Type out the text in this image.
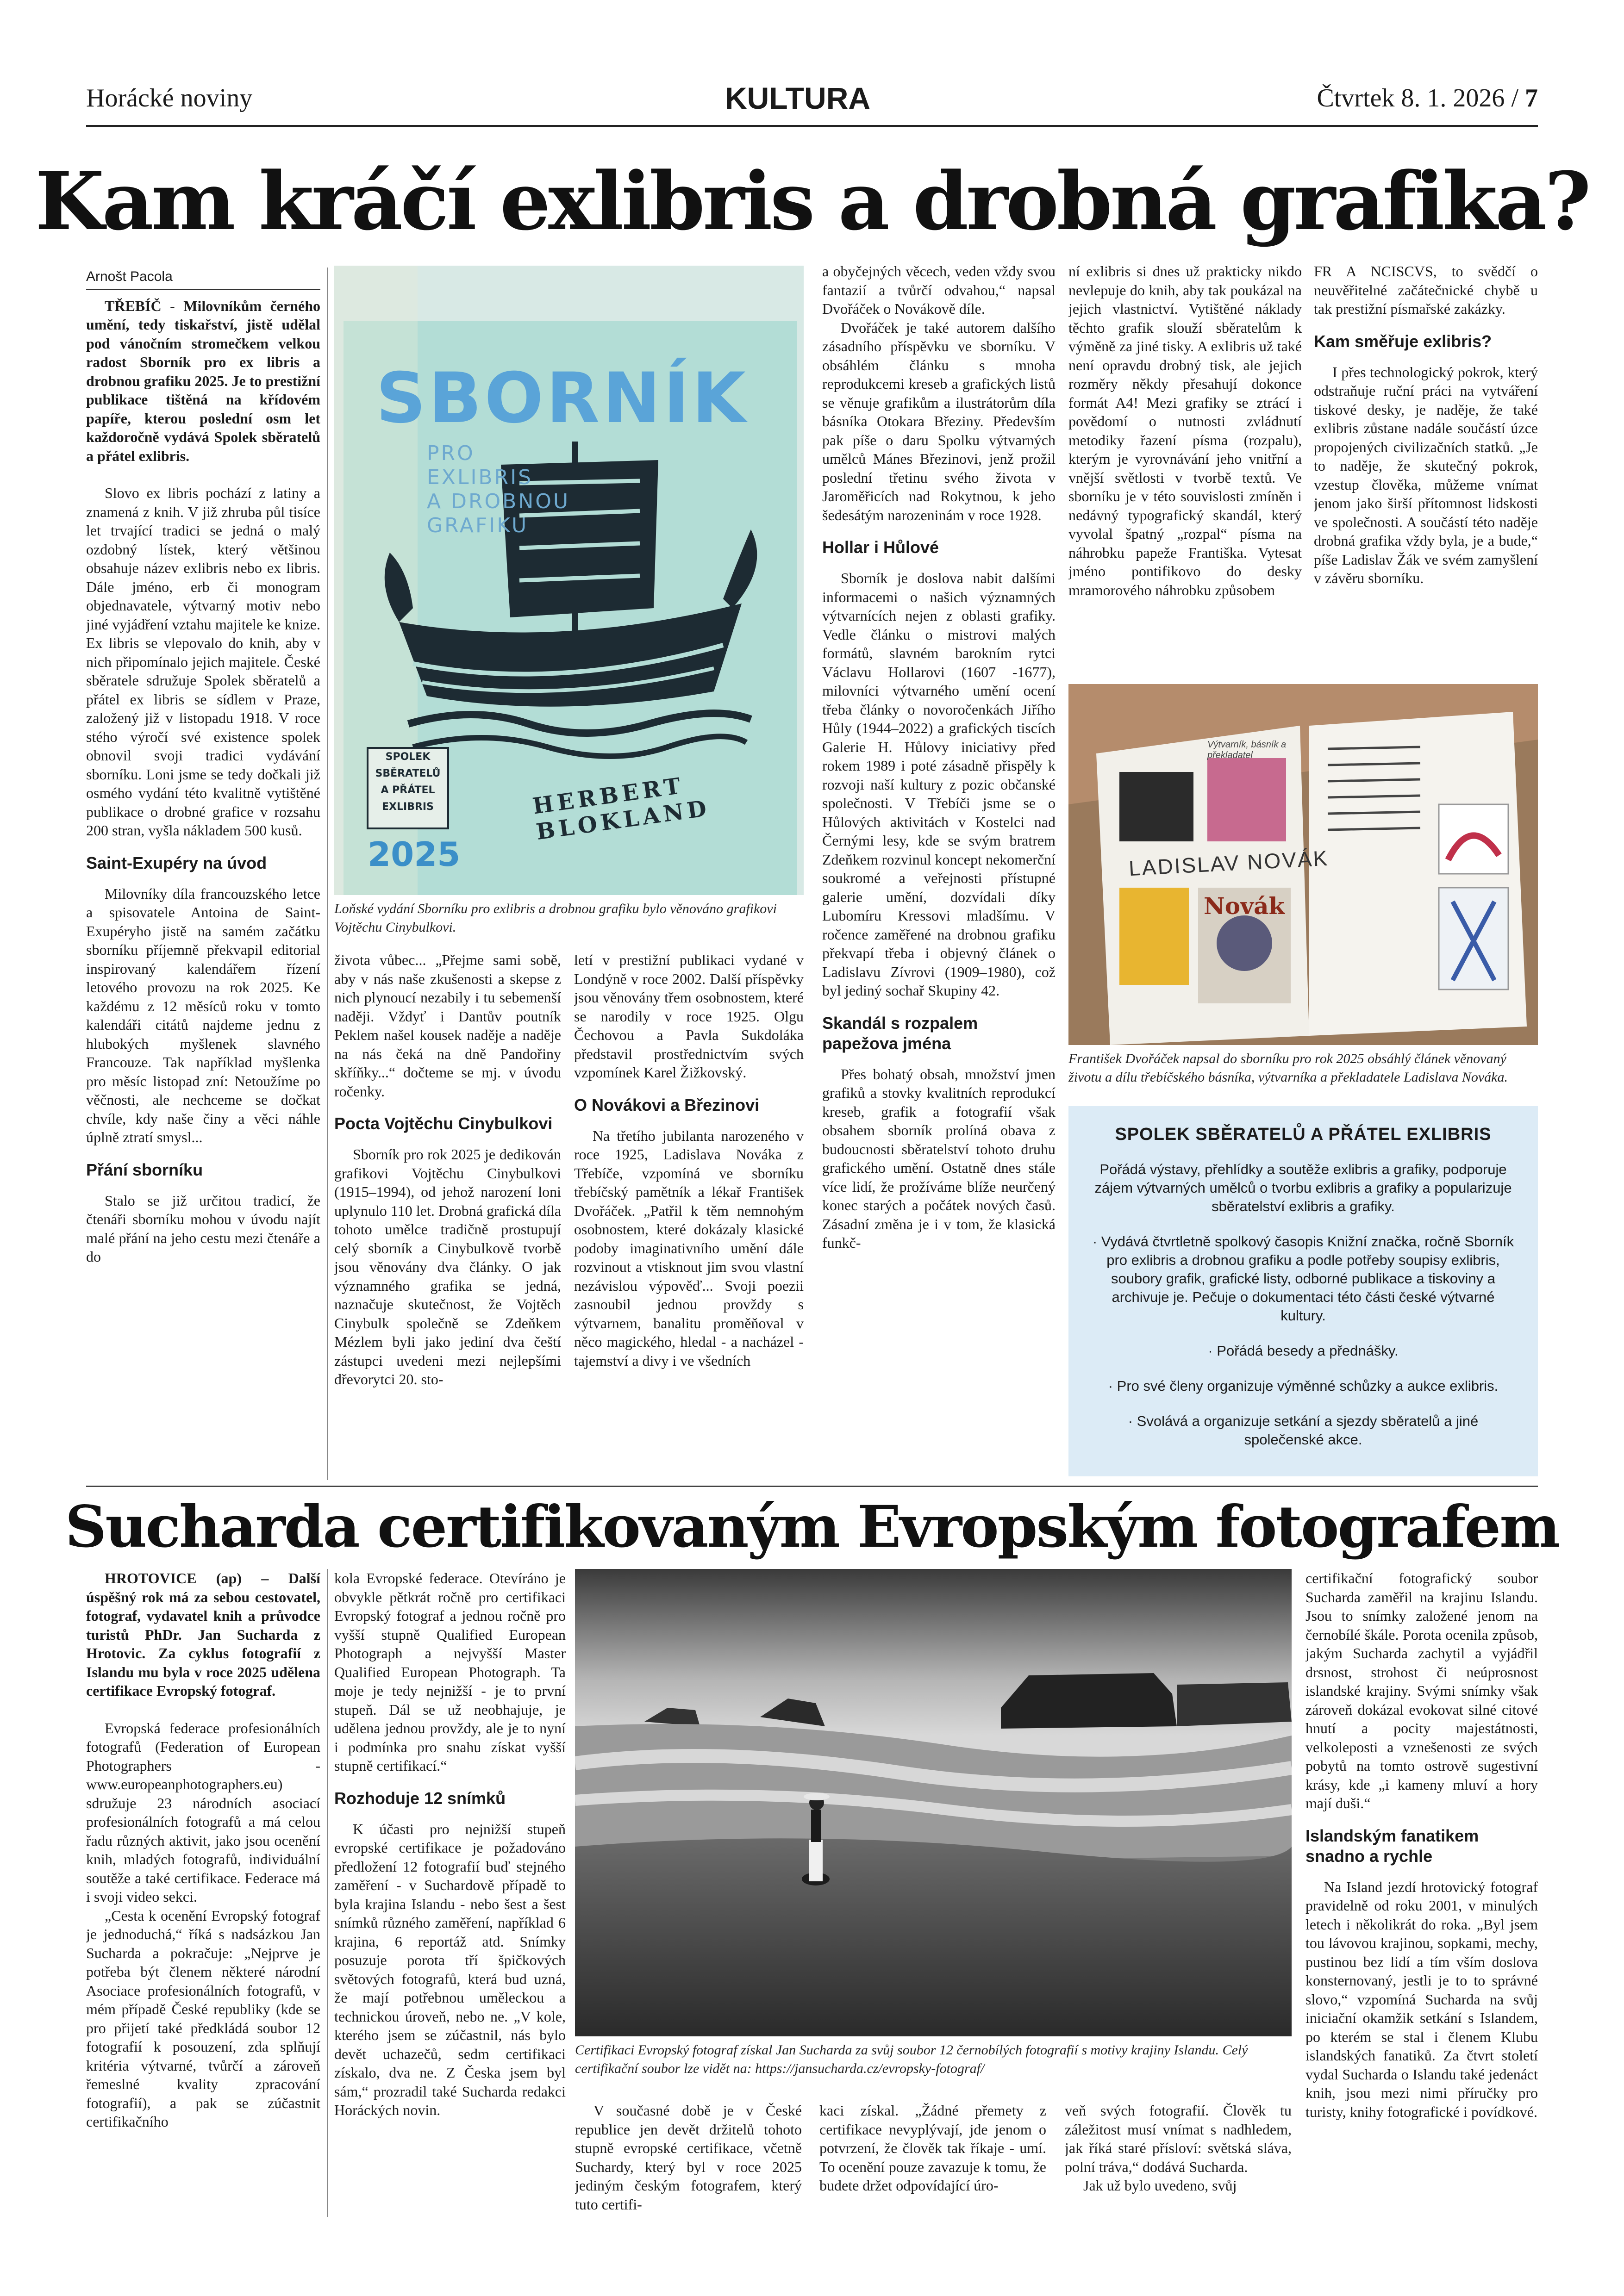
Horácké noviny	KULTURA	Čtvrtek 8. 1. 2026 / 7
Kam kráčí exlibris a drobná grafika?
Arnošt Pacola

TŘEBÍČ - Milovníkům černého umění, tedy tiskařství, jistě udělal pod vánočním stromečkem velkou radost Sborník pro ex libris a drobnou grafiku 2025. Je to prestižní publikace tištěná na křídovém papíře, kterou poslední osm let každoročně vydává Spolek sběratelů a přátel exlibris.

Slovo ex libris pochází z latiny a znamená z knih. V již zhruba půl tisíce let trvající tradici se jedná o malý ozdobný lístek, který většinou obsahuje název exlibris nebo ex libris. Dále jméno, erb či monogram objednavatele, výtvarný motiv nebo jiné vyjádření vztahu majitele ke knize. Ex libris se vlepovalo do knih, aby v nich připomínalo jejich majitele. České sběratele sdružuje Spolek sběratelů a přátel ex libris se sídlem v Praze, založený již v listopadu 1918. V roce stého výročí své existence spolek obnovil svoji tradici vydávání sborníku. Loni jsme se tedy dočkali již osmého vydání této kvalitně vytištěné publikace o drobné grafice v rozsahu 200 stran, vyšla nákladem 500 kusů.

Saint-Exupéry na úvod

Milovníky díla francouzského letce a spisovatele Antoina de Saint-Exupéryho jistě na samém začátku sborníku příjemně překvapil editorial inspirovaný kalendářem řízení letového provozu na rok 2025. Ke každému z 12 měsíců roku v tomto kalendáři citátů najdeme jednu z hlubokých myšlenek slavného Francouze. Tak například myšlenka pro měsíc listopad zní: Netoužíme po věčnosti, ale nechceme se dočkat chvíle, kdy naše činy a věci náhle úplně ztratí smysl...

Přání sborníku

Stalo se již určitou tradicí, že čtenáři sborníku mohou v úvodu najít malé přání na jeho cestu mezi čtenáře a do

SBORNÍK
PRO
EXLIBRIS
A DROBNOU
GRAFIKU
SPOLEK
SBĚRATELŮ
A PŘÁTEL
EXLIBRIS
2025
HERBERT BLOKLAND
Loňské vydání Sborníku pro exlibris a drobnou grafiku bylo věnováno grafikovi Vojtěchu Cinybulkovi.

života vůbec... „Přejme sami sobě, aby v nás naše zkušenosti a skepse z nich plynoucí nezabily i tu sebemenší naději. Vždyť i Dantův poutník Peklem našel kousek naděje a naděje na nás čeká na dně Pandořiny skříňky...“ dočteme se mj. v úvodu ročenky.

Pocta Vojtěchu Cinybulkovi

Sborník pro rok 2025 je dedikován grafikovi Vojtěchu Cinybulkovi (1915–1994), od jehož narození loni uplynulo 110 let. Drobná grafická díla tohoto umělce tradičně prostupují celý sborník a Cinybulkově tvorbě jsou věnovány dva články. O jak významného grafika se jedná, naznačuje skutečnost, že Vojtěch Cinybulk společně se Zdeňkem Mézlem byli jako jediní dva čeští zástupci uvedeni mezi nejlepšími dřevorytci 20. sto-

letí v prestižní publikaci vydané v Londýně v roce 2002. Další příspěvky jsou věnovány třem osobnostem, které se narodily v roce 1925. Olgu Čechovou a Pavla Sukdoláka představil prostřednictvím svých vzpomínek Karel Žižkovský.

O Novákovi a Březinovi

Na třetího jubilanta narozeného v roce 1925, Ladislava Nováka z Třebíče, vzpomíná ve sborníku třebíčský pamětník a lékař František Dvořáček. „Patřil k těm nemnohým osobnostem, které dokázaly klasické podoby imaginativního umění dále rozvinout a vtisknout jim svou vlastní nezávislou výpověď... Svoji poezii zasnoubil jednou provždy s výtvarnem, banalitu proměňoval v něco magického, hledal - a nacházel - tajemství a divy i ve všedních

a obyčejných věcech, veden vždy svou fantazií a tvůrčí odvahou,“ napsal Dvořáček o Novákově díle.

Dvořáček je také autorem dalšího zásadního příspěvku ve sborníku. V obsáhlém článku s mnoha reprodukcemi kreseb a grafických listů se věnuje grafikům a ilustrátorům díla básníka Otokara Březiny. Především pak píše o daru Spolku výtvarných umělců Mánes Březinovi, jenž prožil poslední třetinu svého života v Jaroměřicích nad Rokytnou, k jeho šedesátým narozeninám v roce 1928.

Hollar i Hůlové

Sborník je doslova nabit dalšími informacemi o našich významných výtvarnících nejen z oblasti grafiky. Vedle článku o mistrovi malých formátů, slavném barokním rytci Václavu Hollarovi (1607 -1677), milovníci výtvarného umění ocení třeba články o novoročenkách Jiřího Hůly (1944–2022) a grafických tiscích Galerie H. Hůlovy iniciativy před rokem 1989 i poté zásadně přispěly k rozvoji naší kultury z pozic občanské společnosti. V Třebíči jsme se o Hůlových aktivitách v Kostelci nad Černými lesy, kde se svým bratrem Zdeňkem rozvinul koncept nekomerční soukromé a veřejnosti přístupné galerie umění, dozvídali díky Lubomíru Kressovi mladšímu. V ročence zaměřené na drobnou grafiku překvapí třeba i objevný článek o Ladislavu Zívrovi (1909–1980), což byl jediný sochař Skupiny 42.

Skandál s rozpalem papežova jména

Přes bohatý obsah, množství jmen grafiků a stovky kvalitních reprodukcí kreseb, grafik a fotografií však obsahem sborník prolíná obava z budoucnosti sběratelství tohoto druhu grafického umění. Ostatně dnes stále více lidí, že prožíváme blíže neurčený konec starých a počátek nových časů. Zásadní změna je i v tom, že klasická funkč-

ní exlibris si dnes už prakticky nikdo nevlepuje do knih, aby tak poukázal na jejich vlastnictví. Vytištěné náklady těchto grafik slouží sběratelům k výměně za jiné tisky. A exlibris už také není opravdu drobný tisk, ale jejich rozměry někdy přesahují dokonce formát A4! Mezi grafiky se ztrácí i povědomí o nutnosti zvládnutí metodiky řazení písma (rozpalu), kterým je vyrovnávání jeho vnitřní a vnější světlosti v tvorbě textů. Ve sborníku je v této souvislosti zmíněn i nedávný typografický skandál, který vyvolal špatný „rozpal“ písma na náhrobku papeže Františka. Vytesat jméno pontifikovo do desky mramorového náhrobku způsobem

FR A NCISCVS, to svědčí o neuvěřitelné začátečnické chybě u tak prestižní písmařské zakázky.

Kam směřuje exlibris?

I přes technologický pokrok, který odstraňuje ruční práci na vytváření tiskové desky, je naděje, že také exlibris zůstane nadále součástí úzce propojených civilizačních statků. „Je to naděje, že skutečný pokrok, vzestup člověka, můžeme vnímat jenom jako širší přítomnost lidskosti ve společnosti. A součástí této naděje drobná grafika vždy byla, je a bude,“ píše Ladislav Žák ve svém zamyšlení v závěru sborníku.

LADISLAV NOVÁK
Výtvarník, básník a překladatel
Novák
František Dvořáček napsal do sborníku pro rok 2025 obsáhlý článek věnovaný životu a dílu třebíčského básníka, výtvarníka a překladatele Ladislava Nováka.
SPOLEK SBĚRATELŮ A PŘÁTEL EXLIBRIS

Pořádá výstavy, přehlídky a soutěže exlibris a grafiky, podporuje zájem výtvarných umělců o tvorbu exlibris a grafiky a popularizuje sběratelství exlibris a grafiky.

· Vydává čtvrtletně spolkový časopis Knižní značka, ročně Sborník pro exlibris a drobnou grafiku a podle potřeby soupisy exlibris, soubory grafik, grafické listy, odborné publikace a tiskoviny a archivuje je. Pečuje o dokumentaci této části české výtvarné kultury.

· Pořádá besedy a přednášky.

· Pro své členy organizuje výměnné schůzky a aukce exlibris.

· Svolává a organizuje setkání a sjezdy sběratelů a jiné společenské akce.

Sucharda certifikovaným Evropským fotografem

HROTOVICE (ap) – Další úspěšný rok má za sebou cestovatel, fotograf, vydavatel knih a průvodce turistů PhDr. Jan Sucharda z Hrotovic. Za cyklus fotografií z Islandu mu byla v roce 2025 udělena certifikace Evropský fotograf.

Evropská federace profesionálních fotografů (Federation of European Photographers - www.europeanphotographers.eu) sdružuje 23 národních asociací profesionálních fotografů a má celou řadu různých aktivit, jako jsou ocenění knih, mladých fotografů, individuální soutěže a také certifikace. Federace má i svoji video sekci.

„Cesta k ocenění Evropský fotograf je jednoduchá,“ říká s nadsázkou Jan Sucharda a pokračuje: „Nejprve je potřeba být členem některé národní Asociace profesionálních fotografů, v mém případě České republiky (kde se pro přijetí také předkládá soubor 12 fotografií k posouzení, zda splňují kritéria výtvarné, tvůrčí a zároveň řemeslné kvality zpracování fotografií), a pak se zúčastnit certifikačního

kola Evropské federace. Otevíráno je obvykle pětkrát ročně pro certifikaci Evropský fotograf a jednou ročně pro vyšší stupně Qualified European Photograph a nejvyšší Master Qualified European Photograph. Ta moje je tedy nejnižší - je to první stupeň. Dál se už neobhajuje, je udělena jednou provždy, ale je to nyní i podmínka pro snahu získat vyšší stupně certifikací.“

Rozhoduje 12 snímků

K účasti pro nejnižší stupeň evropské certifikace je požadováno předložení 12 fotografií buď stejného zaměření - v Suchardově případě to byla krajina Islandu - nebo šest a šest snímků různého zaměření, například 6 krajina, 6 reportáž atd. Snímky posuzuje porota tří špičkových světových fotografů, která bud uzná, že mají potřebnou uměleckou a technickou úroveň, nebo ne. „V kole, kterého jsem se zúčastnil, nás bylo devět uchazečů, sedm certifikaci získalo, dva ne. Z Česka jsem byl sám,“ prozradil také Sucharda redakci Horáckých novin.

Certifikaci Evropský fotograf získal Jan Sucharda za svůj soubor 12 černobílých fotografií s motivy krajiny Islandu. Celý certifikační soubor lze vidět na: https://jansucharda.cz/evropsky-fotograf/

V současné době je v České republice jen devět držitelů tohoto stupně evropské certifikace, včetně Suchardy, který byl v roce 2025 jediným českým fotografem, který tuto certifi-

kaci získal. „Žádné přemety z certifikace nevyplývají, jde jenom o potvrzení, že člověk tak říkaje - umí. To ocenění pouze zavazuje k tomu, že budete držet odpovídající úro-

veň svých fotografií. Člověk tu záležitost musí vnímat s nadhledem, jak říká staré přísloví: světská sláva, polní tráva,“ dodává Sucharda.

Jak už bylo uvedeno, svůj

certifikační fotografický soubor Sucharda zaměřil na krajinu Islandu. Jsou to snímky založené jenom na černobílé škále. Porota ocenila způsob, jakým Sucharda zachytil a vyjádřil drsnost, strohost či neúprosnost islandské krajiny. Svými snímky však zároveň dokázal evokovat silné citové hnutí a pocity majestátnosti, velkoleposti a vznešenosti ze svých pobytů na tomto ostrově sugestivní krásy, kde „i kameny mluví a hory mají duši.“

Islandským fanatikem snadno a rychle

Na Island jezdí hrotovický fotograf pravidelně od roku 2001, v minulých letech i několikrát do roka. „Byl jsem tou lávovou krajinou, sopkami, mechy, pustinou bez lidí a tím vším doslova konsternovaný, jestli je to to správné slovo,“ vzpomíná Sucharda na svůj iniciační okamžik setkání s Islandem, po kterém se stal i členem Klubu islandských fanatiků. Za čtvrt století vydal Sucharda o Islandu také jedenáct knih, jsou mezi nimi příručky pro turisty, knihy fotografické i povídkové.
